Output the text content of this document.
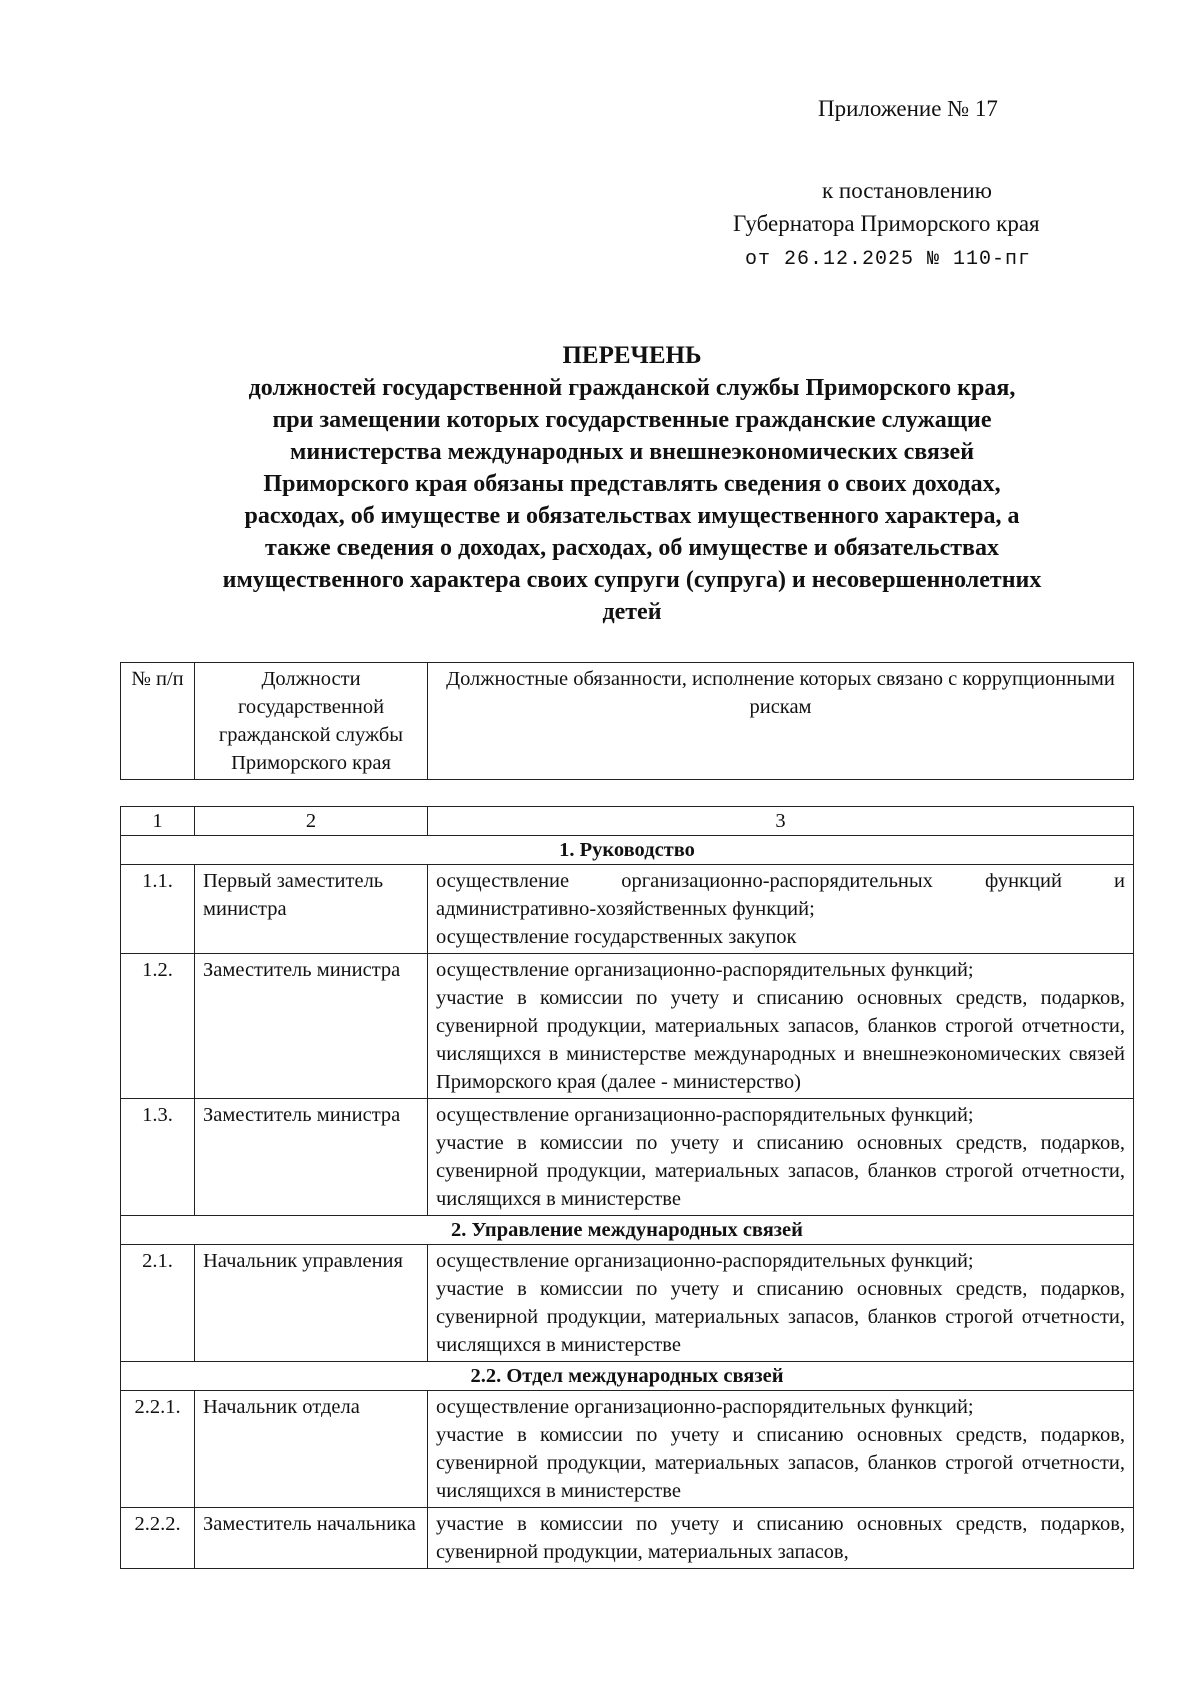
Приложение № 17
к постановлению
Губернатора Приморского края
от 26.12.2025 № 110-пг
ПЕРЕЧЕНЬ
должностей государственной гражданской службы Приморского края,
при замещении которых государственные гражданские служащие
министерства международных и внешнеэкономических связей
Приморского края обязаны представлять сведения о своих доходах,
расходах, об имуществе и обязательствах имущественного характера, а
также сведения о доходах, расходах, об имуществе и обязательствах
имущественного характера своих супруги (супруга) и несовершеннолетних
детей
№ п/п	Должности государственной гражданской службы Приморского края	Должностные обязанности, исполнение которых связано с коррупционными рискам
1	2	3
1. Руководство		
1.1.	Первый заместитель министра	осуществление организационно-распорядительных функций и административно-хозяйственных функций;
осуществление государственных закупок

1.2.	Заместитель министра	осуществление организационно-распорядительных функций;
участие в комиссии по учету и списанию основных средств, подарков, сувенирной продукции, материальных запасов, бланков строгой отчетности, числящихся в министерстве международных и внешнеэкономических связей Приморского края (далее - министерство)

1.3.	Заместитель министра	осуществление организационно-распорядительных функций;
участие в комиссии по учету и списанию основных средств, подарков, сувенирной продукции, материальных запасов, бланков строгой отчетности, числящихся в министерстве

2. Управление международных связей		
2.1.	Начальник управления	осуществление организационно-распорядительных функций;
участие в комиссии по учету и списанию основных средств, подарков, сувенирной продукции, материальных запасов, бланков строгой отчетности, числящихся в министерстве

2.2. Отдел международных связей		
2.2.1.	Начальник отдела	осуществление организационно-распорядительных функций;
участие в комиссии по учету и списанию основных средств, подарков, сувенирной продукции, материальных запасов, бланков строгой отчетности, числящихся в министерстве

2.2.2.	Заместитель начальника	участие в комиссии по учету и списанию основных средств, подарков, сувенирной продукции, материальных запасов,
